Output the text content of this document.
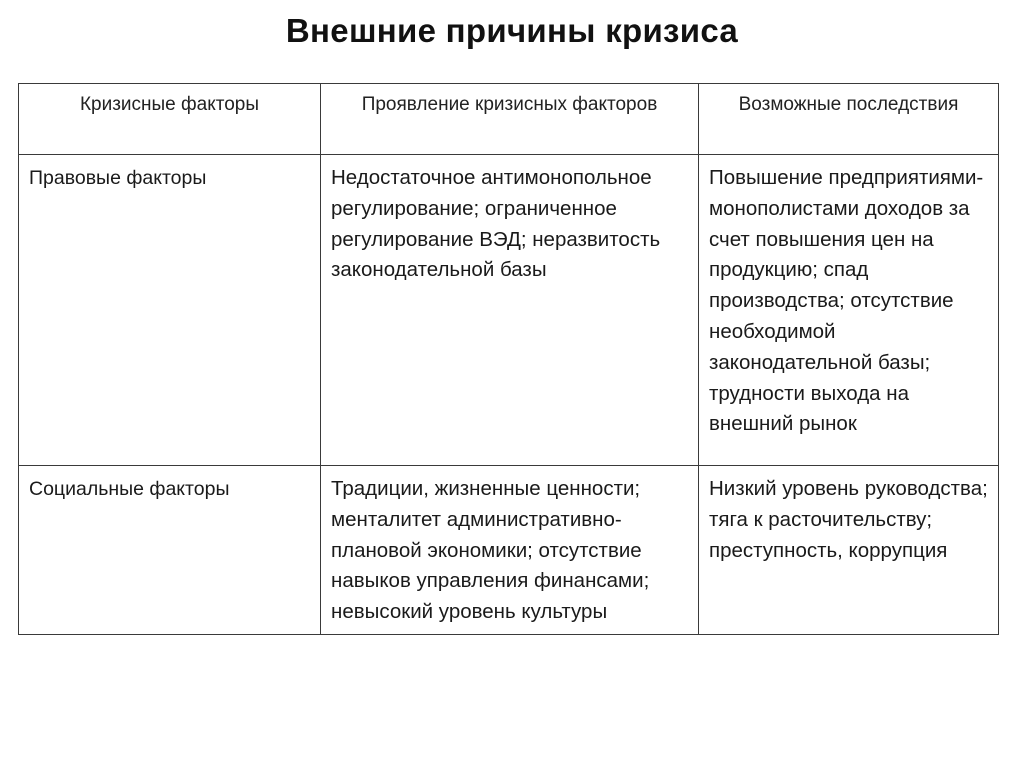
Внешние причины кризиса
Кризисные факторы	Проявление кризисных факторов	Возможные последствия
Правовые факторы	Недостаточное антимонопольное регулирование; ограниченное регулирование ВЭД; неразвитость законодательной базы	Повышение предприятиями-монополистами доходов за счет повышения цен на продукцию; спад производства; отсутствие необходимой законодательной базы; трудности выхода на внешний рынок
Социальные факторы	Традиции, жизненные ценности; менталитет административно-плановой экономики; отсутствие навыков управления финансами; невысокий уровень культуры	Низкий уровень руководства; тяга к расточительству; преступность, коррупция
